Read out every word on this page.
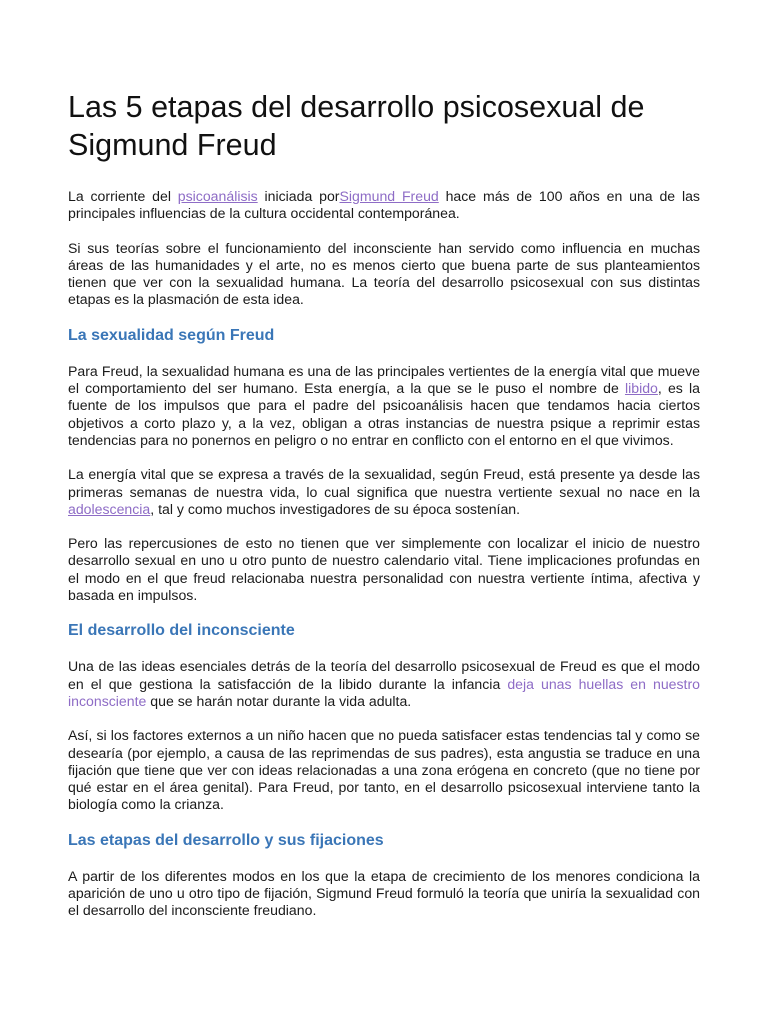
Las 5 etapas del desarrollo psicosexual de Sigmund Freud

La corriente del psicoanálisis iniciada porSigmund Freud hace más de 100 años en una de las principales influencias de la cultura occidental contemporánea.

Si sus teorías sobre el funcionamiento del inconsciente han servido como influencia en muchas áreas de las humanidades y el arte, no es menos cierto que buena parte de sus planteamientos tienen que ver con la sexualidad humana. La teoría del desarrollo psicosexual con sus distintas etapas es la plasmación de esta idea.

La sexualidad según Freud

Para Freud, la sexualidad humana es una de las principales vertientes de la energía vital que mueve el comportamiento del ser humano. Esta energía, a la que se le puso el nombre de libido, es la fuente de los impulsos que para el padre del psicoanálisis hacen que tendamos hacia ciertos objetivos a corto plazo y, a la vez, obligan a otras instancias de nuestra psique a reprimir estas tendencias para no ponernos en peligro o no entrar en conflicto con el entorno en el que vivimos.

La energía vital que se expresa a través de la sexualidad, según Freud, está presente ya desde las primeras semanas de nuestra vida, lo cual significa que nuestra vertiente sexual no nace en la adolescencia, tal y como muchos investigadores de su época sostenían.

Pero las repercusiones de esto no tienen que ver simplemente con localizar el inicio de nuestro desarrollo sexual en uno u otro punto de nuestro calendario vital. Tiene implicaciones profundas en el modo en el que freud relacionaba nuestra personalidad con nuestra vertiente íntima, afectiva y basada en impulsos.

El desarrollo del inconsciente

Una de las ideas esenciales detrás de la teoría del desarrollo psicosexual de Freud es que el modo en el que gestiona la satisfacción de la libido durante la infancia deja unas huellas en nuestro inconsciente que se harán notar durante la vida adulta.

Así, si los factores externos a un niño hacen que no pueda satisfacer estas tendencias tal y como se desearía (por ejemplo, a causa de las reprimendas de sus padres), esta angustia se traduce en una fijación que tiene que ver con ideas relacionadas a una zona erógena en concreto (que no tiene por qué estar en el área genital). Para Freud, por tanto, en el desarrollo psicosexual interviene tanto la biología como la crianza.

Las etapas del desarrollo y sus fijaciones

A partir de los diferentes modos en los que la etapa de crecimiento de los menores condiciona la aparición de uno u otro tipo de fijación, Sigmund Freud formuló la teoría que uniría la sexualidad con el desarrollo del inconsciente freudiano.
